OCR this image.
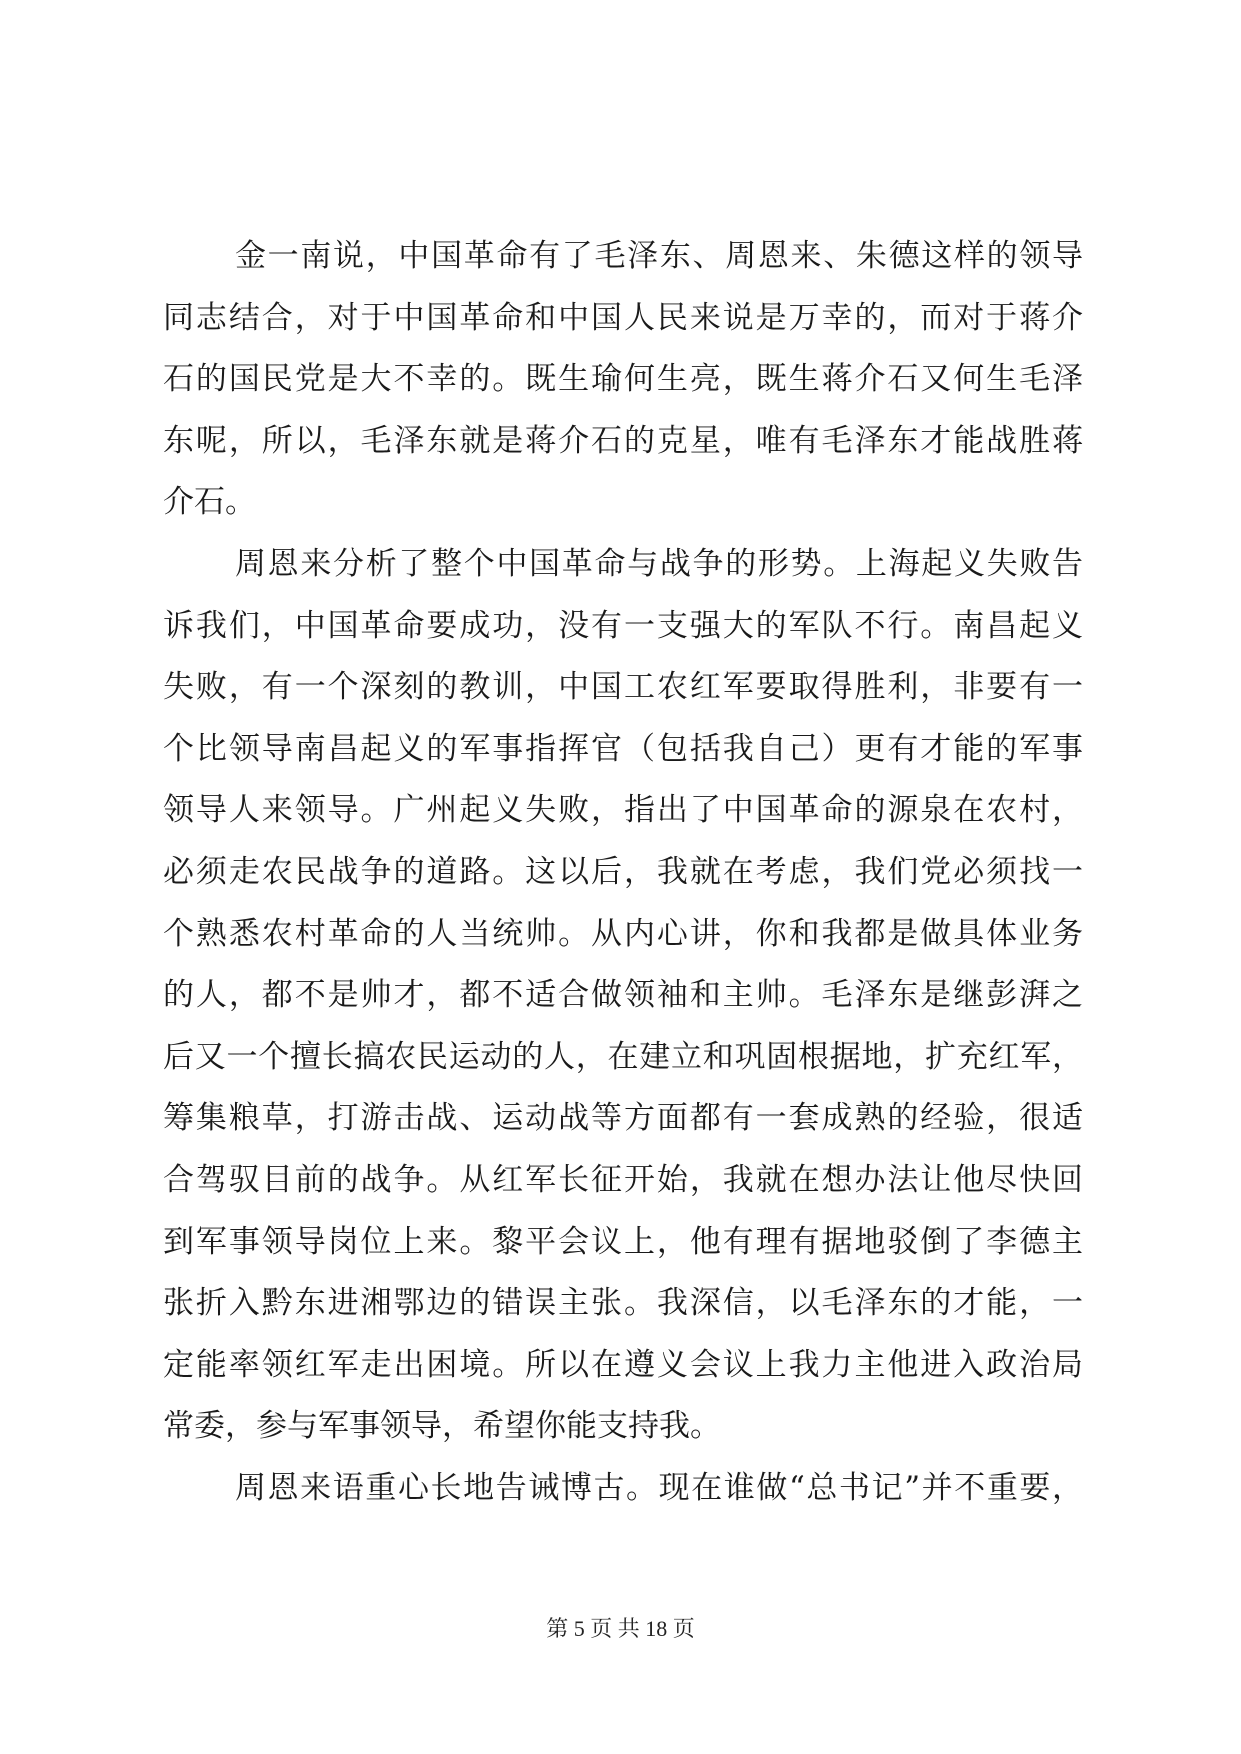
金一南说，中国革命有了毛泽东、周恩来、朱德这样的领导
同志结合，对于中国革命和中国人民来说是万幸的，而对于蒋介
石的国民党是大不幸的。既生瑜何生亮，既生蒋介石又何生毛泽
东呢，所以，毛泽东就是蒋介石的克星，唯有毛泽东才能战胜蒋
介石。
周恩来分析了整个中国革命与战争的形势。上海起义失败告
诉我们，中国革命要成功，没有一支强大的军队不行。南昌起义
失败，有一个深刻的教训，中国工农红军要取得胜利，非要有一
个比领导南昌起义的军事指挥官（包括我自己）更有才能的军事
领导人来领导。广州起义失败，指出了中国革命的源泉在农村，
必须走农民战争的道路。这以后，我就在考虑，我们党必须找一
个熟悉农村革命的人当统帅。从内心讲，你和我都是做具体业务
的人，都不是帅才，都不适合做领袖和主帅。毛泽东是继彭湃之
后又一个擅长搞农民运动的人，在建立和巩固根据地，扩充红军，
筹集粮草，打游击战、运动战等方面都有一套成熟的经验，很适
合驾驭目前的战争。从红军长征开始，我就在想办法让他尽快回
到军事领导岗位上来。黎平会议上，他有理有据地驳倒了李德主
张折入黔东进湘鄂边的错误主张。我深信，以毛泽东的才能，一
定能率领红军走出困境。所以在遵义会议上我力主他进入政治局
常委，参与军事领导，希望你能支持我。
周恩来语重心长地告诫博古。现在谁做“总书记”并不重要，
第 5 页 共 18 页
